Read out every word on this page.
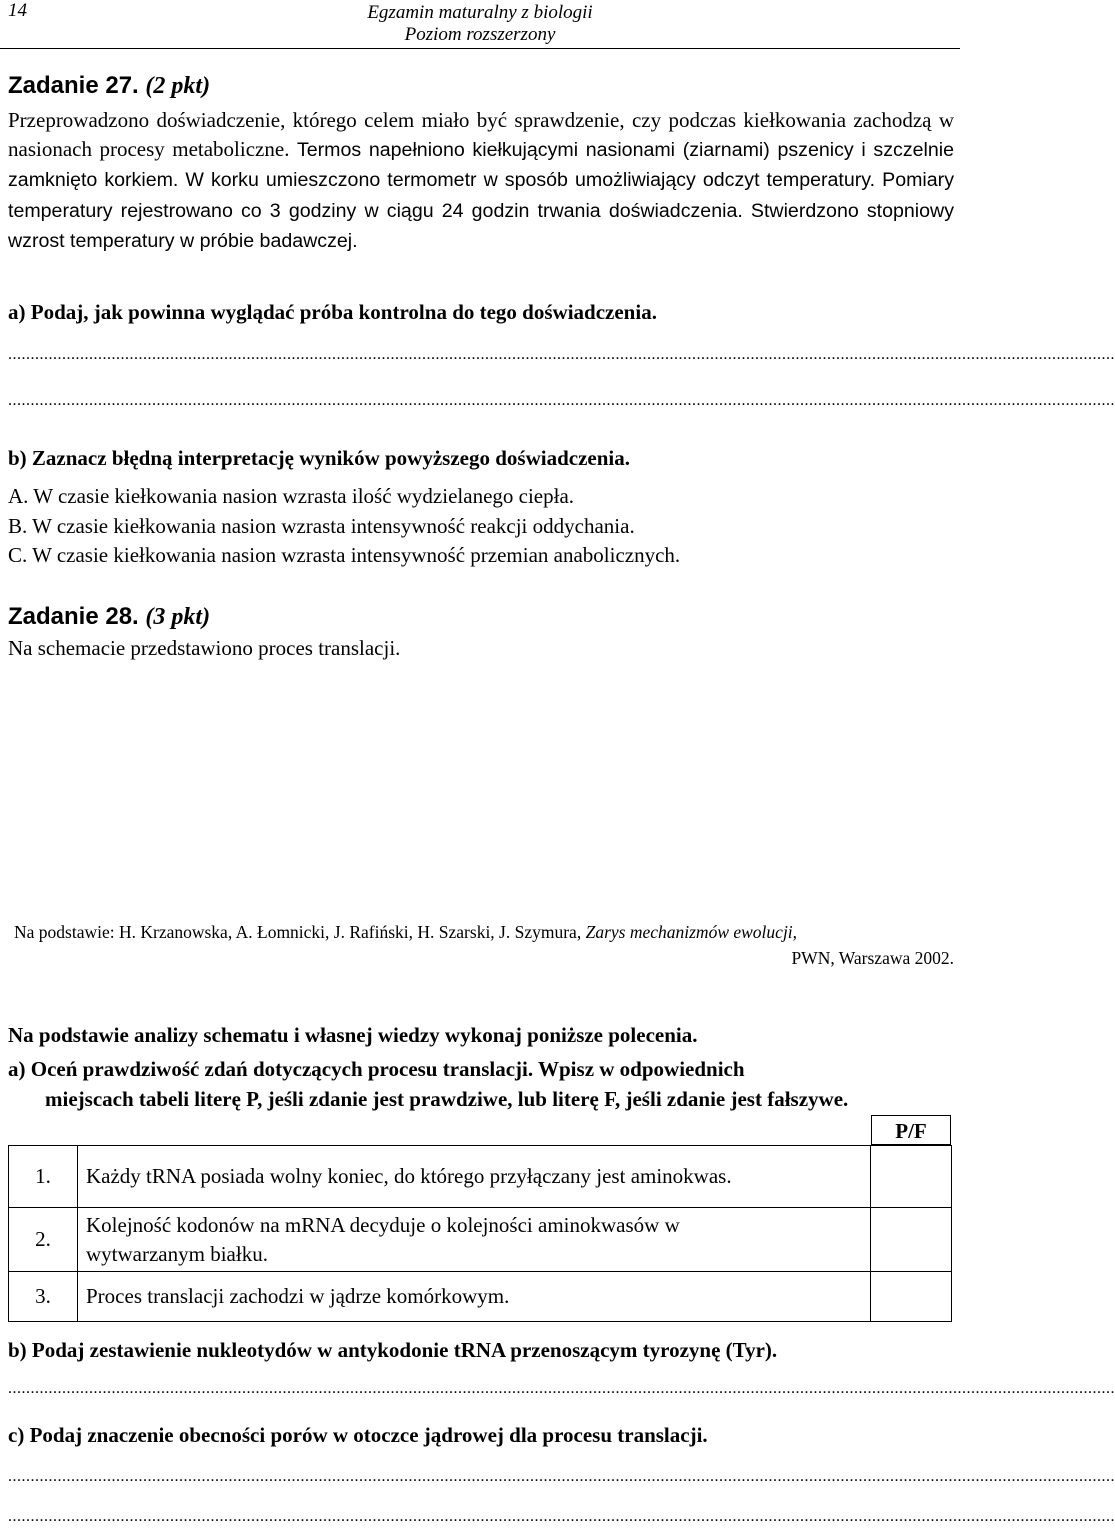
14	Egzamin maturalny z biologii
Poziom rozszerzony
Zadanie 27. (2 pkt)
Przeprowadzono doświadczenie, którego celem miało być sprawdzenie, czy podczas kiełkowania zachodzą w nasionach procesy metaboliczne. Termos napełniono kiełkującymi nasionami (ziarnami) pszenicy i szczelnie zamknięto korkiem. W korku umieszczono termometr w sposób umożliwiający odczyt temperatury. Pomiary temperatury rejestrowano co 3 godziny w ciągu 24 godzin trwania doświadczenia. Stwierdzono stopniowy wzrost temperatury w próbie badawczej.
a) Podaj, jak powinna wyglądać próba kontrolna do tego doświadczenia.
......................................................................................................................................................................................................................................................
......................................................................................................................................................................................................................................................
b) Zaznacz błędną interpretację wyników powyższego doświadczenia.
A. W czasie kiełkowania nasion wzrasta ilość wydzielanego ciepła.
B. W czasie kiełkowania nasion wzrasta intensywność reakcji oddychania.
C. W czasie kiełkowania nasion wzrasta intensywność przemian anabolicznych.
Zadanie 28. (3 pkt)
Na schemacie przedstawiono proces translacji.
Na podstawie: H. Krzanowska, A. Łomnicki, J. Rafiński, H. Szarski, J. Szymura, Zarys mechanizmów ewolucji,
PWN, Warszawa 2002.
Na podstawie analizy schematu i własnej wiedzy wykonaj poniższe polecenia.
a) Oceń prawdziwość zdań dotyczących procesu translacji. Wpisz w odpowiednich
miejscach tabeli literę P, jeśli zdanie jest prawdziwe, lub literę F, jeśli zdanie jest fałszywe.
P/F
1.	Każdy tRNA posiada wolny koniec, do którego przyłączany jest aminokwas.	
2.	Kolejność kodonów na mRNA decyduje o kolejności aminokwasów w wytwarzanym białku.	
3.	Proces translacji zachodzi w jądrze komórkowym.	
b) Podaj zestawienie nukleotydów w antykodonie tRNA przenoszącym tyrozynę (Tyr).
......................................................................................................................................................................................................................................................
c) Podaj znaczenie obecności porów w otoczce jądrowej dla procesu translacji.
......................................................................................................................................................................................................................................................
......................................................................................................................................................................................................................................................
